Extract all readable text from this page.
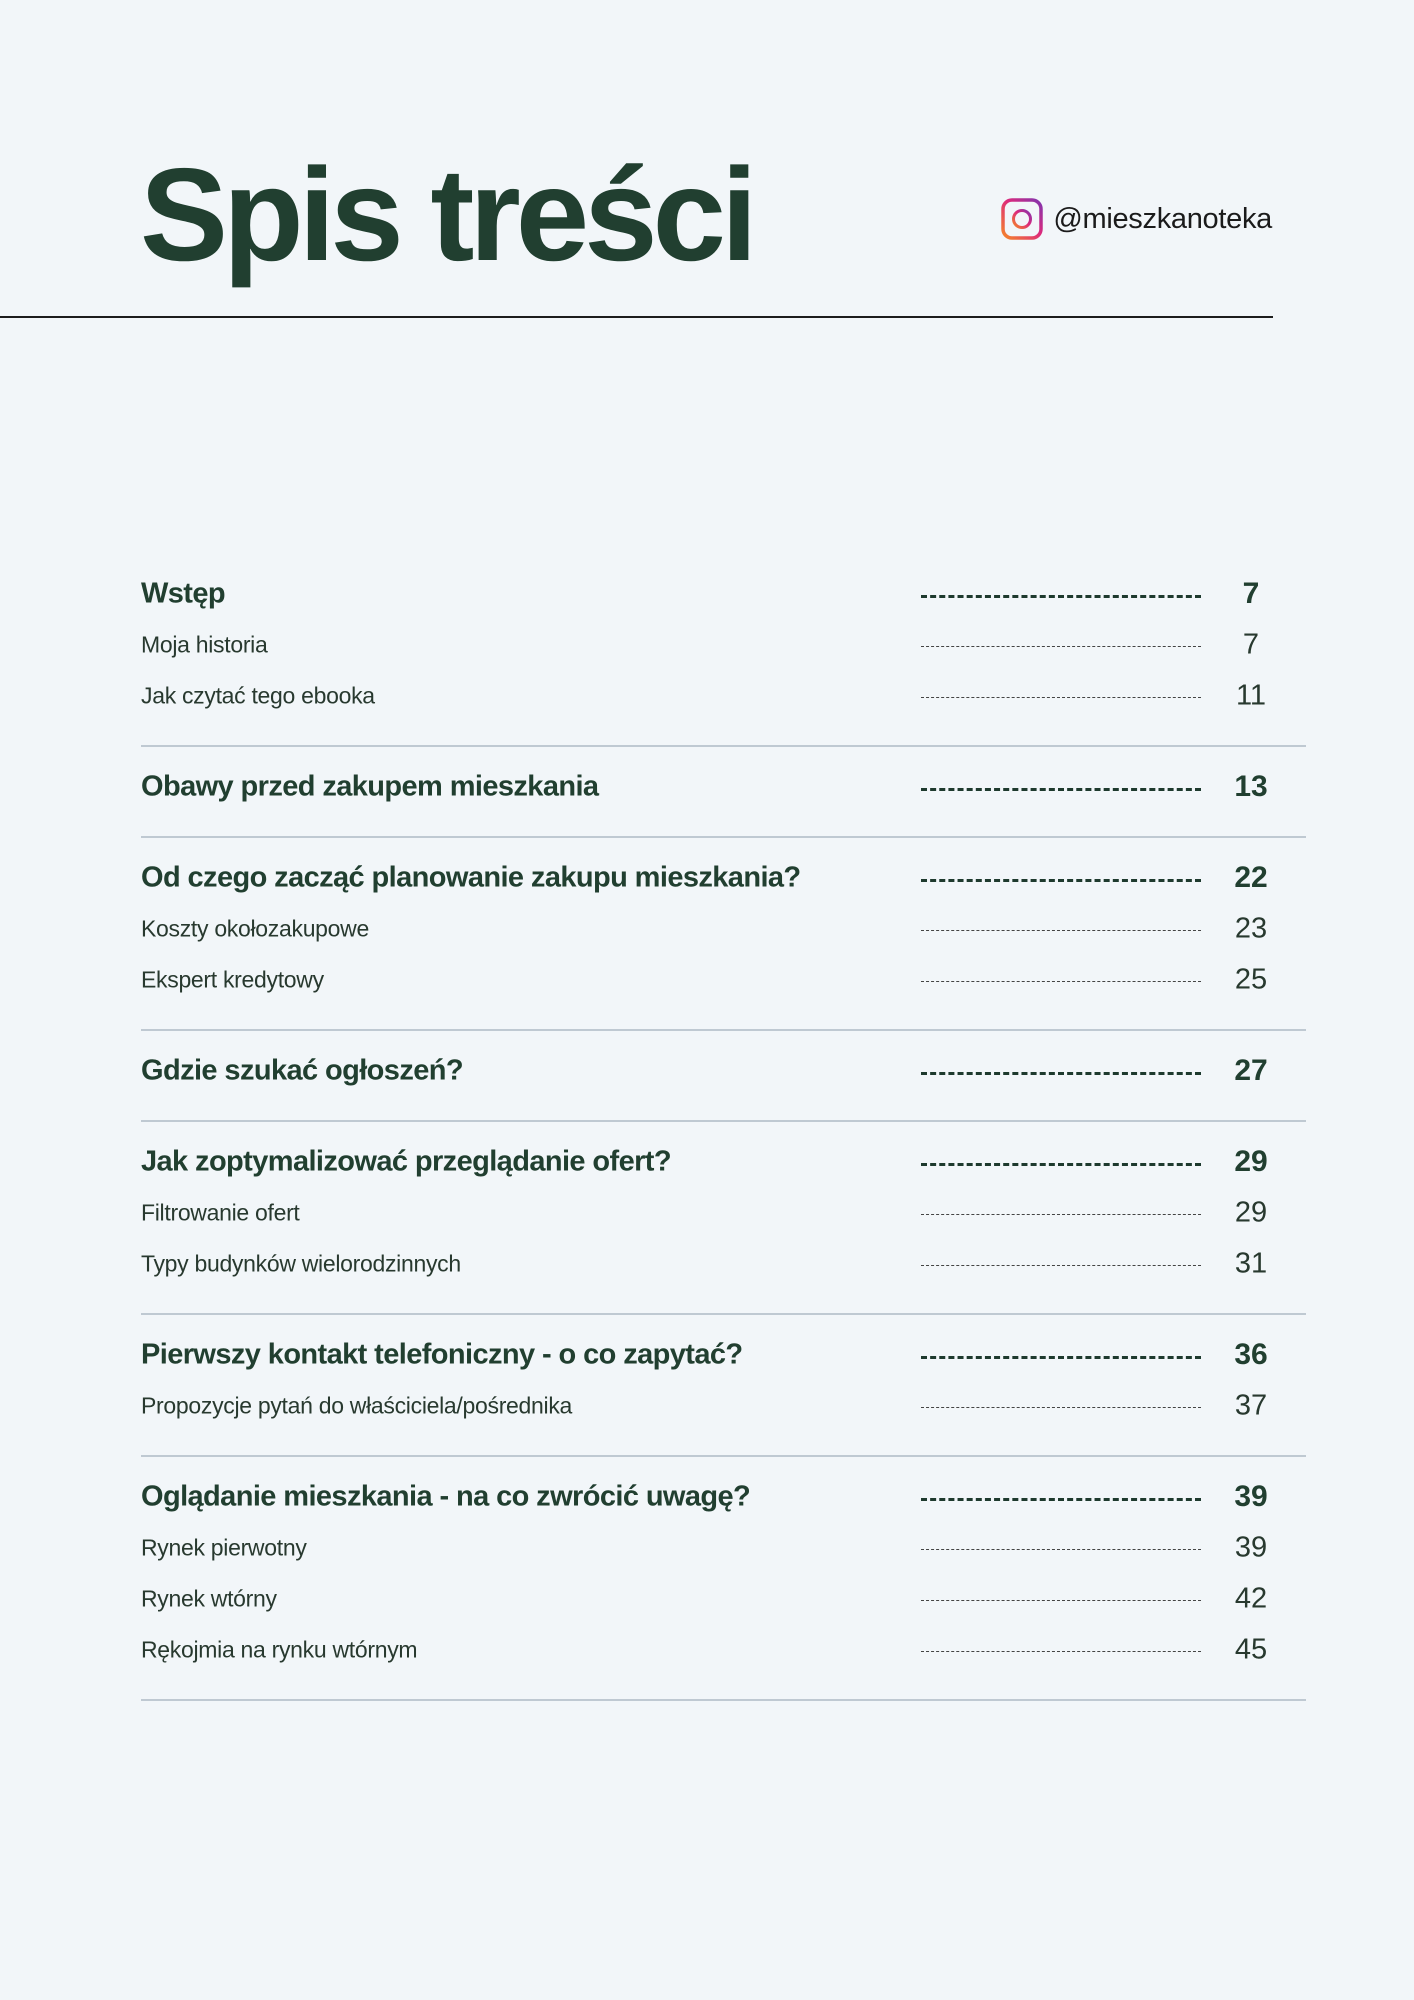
Spis treści	@mieszkanoteka
Wstęp	7
Moja historia	7
Jak czytać tego ebooka	11
Obawy przed zakupem mieszkania	13
Od czego zacząć planowanie zakupu mieszkania?	22
Koszty okołozakupowe	23
Ekspert kredytowy	25
Gdzie szukać ogłoszeń?	27
Jak zoptymalizować przeglądanie ofert?	29
Filtrowanie ofert	29
Typy budynków wielorodzinnych	31
Pierwszy kontakt telefoniczny - o co zapytać?	36
Propozycje pytań do właściciela/pośrednika	37
Oglądanie mieszkania - na co zwrócić uwagę?	39
Rynek pierwotny	39
Rynek wtórny	42
Rękojmia na rynku wtórnym	45
